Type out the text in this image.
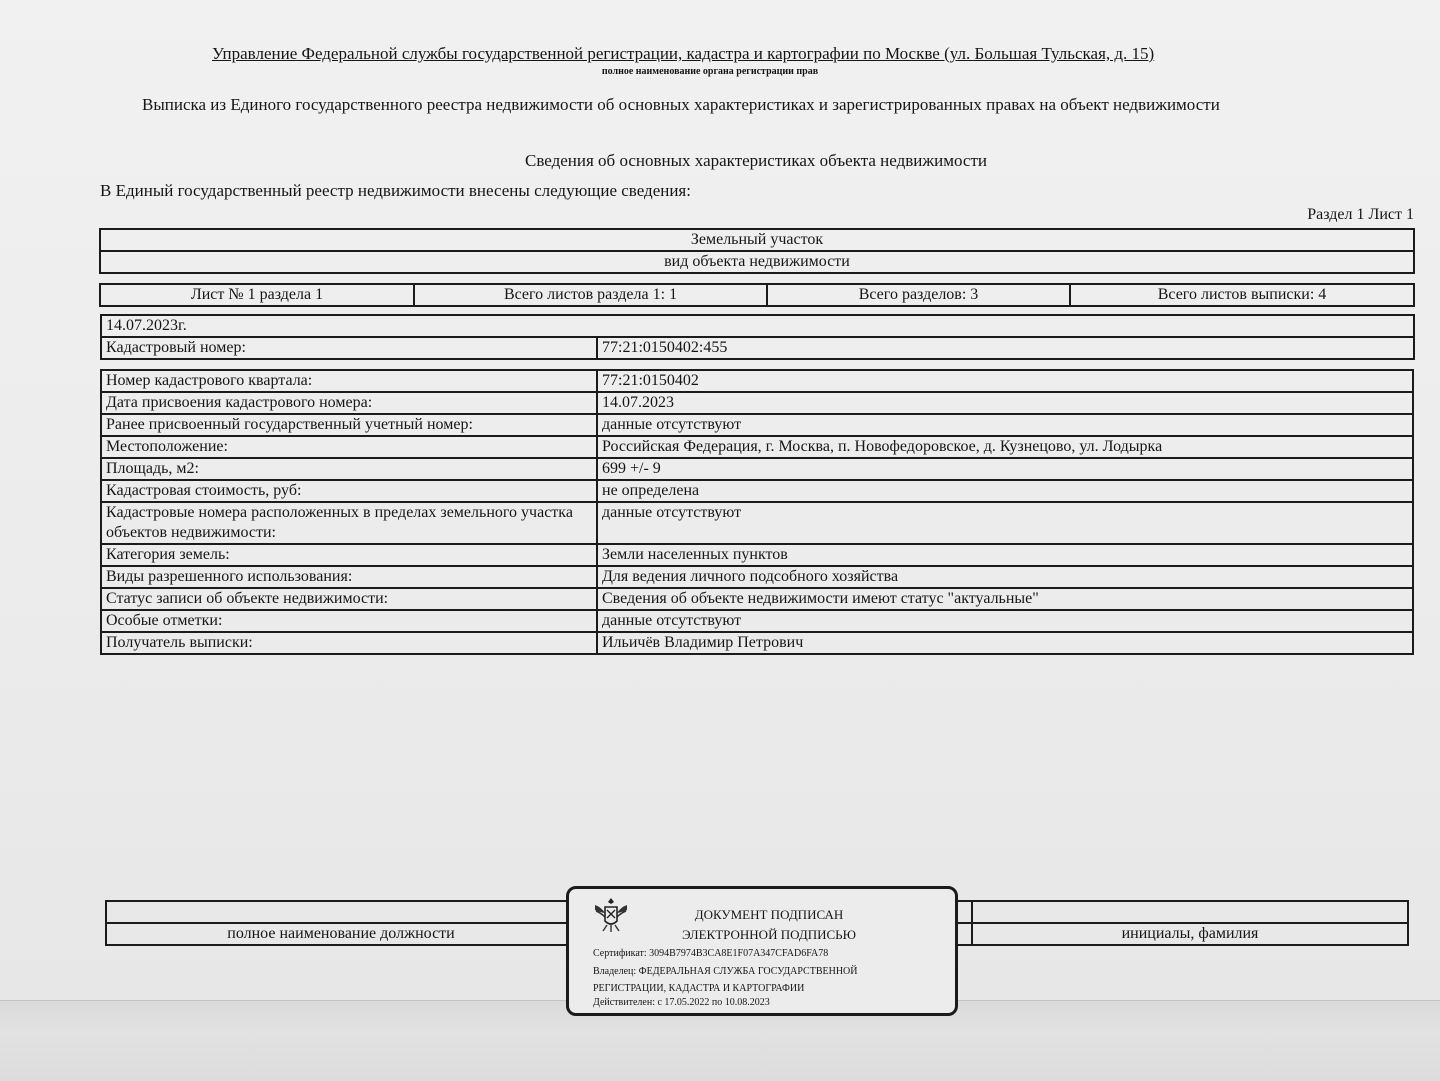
Управление Федеральной службы государственной регистрации, кадастра и картографии по Москве (ул. Большая Тульская, д. 15)
полное наименование органа регистрации прав
Выписка из Единого государственного реестра недвижимости об основных характеристиках и зарегистрированных правах на объект недвижимости
Сведения об основных характеристиках объекта недвижимости
В Единый государственный реестр недвижимости внесены следующие сведения:
Раздел 1 Лист 1
Земельный участок
вид объекта недвижимости
Лист № 1 раздела 1	Всего листов раздела 1: 1	Всего разделов: 3	Всего листов выписки: 4
14.07.2023г.
Кадастровый номер:	77:21:0150402:455
Номер кадастрового квартала:	77:21:0150402
Дата присвоения кадастрового номера:	14.07.2023
Ранее присвоенный государственный учетный номер:	данные отсутствуют
Местоположение:	Российская Федерация, г. Москва, п. Новофедоровское, д. Кузнецово, ул. Лодырка
Площадь, м2:	699 +/- 9
Кадастровая стоимость, руб:	не определена
Кадастровые номера расположенных в пределах земельного участка объектов недвижимости:	данные отсутствуют
Категория земель:	Земли населенных пунктов
Виды разрешенного использования:	Для ведения личного подсобного хозяйства
Статус записи об объекте недвижимости:	Сведения об объекте недвижимости имеют статус "актуальные"
Особые отметки:	данные отсутствуют
Получатель выписки:	Ильичёв Владимир Петрович

полное наименование должности		инициалы, фамилия
ДОКУМЕНТ ПОДПИСАН
ЭЛЕКТРОННОЙ ПОДПИСЬЮ
Сертификат: 3094B7974B3CA8E1F07A347CFAD6FA78
Владелец: ФЕДЕРАЛЬНАЯ СЛУЖБА ГОСУДАРСТВЕННОЙ
РЕГИСТРАЦИИ, КАДАСТРА И КАРТОГРАФИИ
Действителен: с 17.05.2022 по 10.08.2023
